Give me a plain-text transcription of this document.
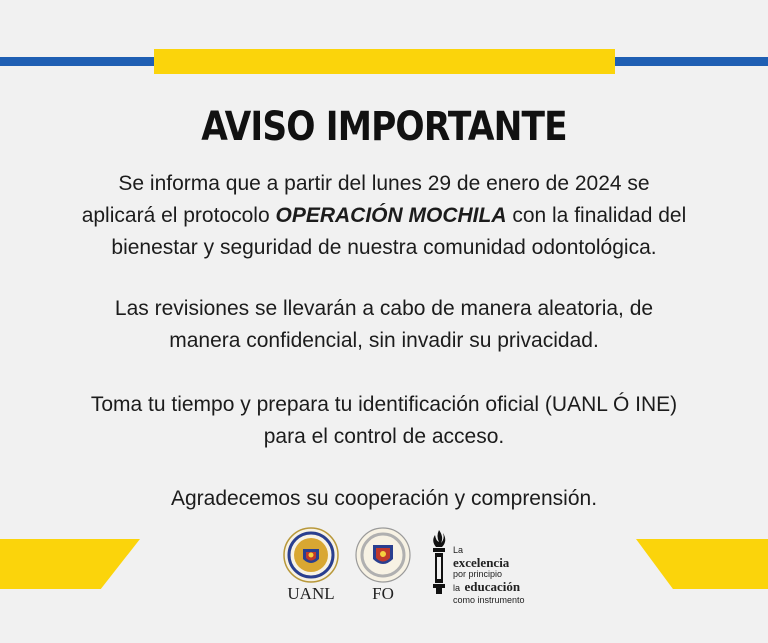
AVISO IMPORTANTE
Se informa que a partir del lunes 29 de enero de 2024 se
aplicará el protocolo OPERACIÓN MOCHILA con la finalidad del
bienestar y seguridad de nuestra comunidad odontológica.
Las revisiones se llevarán a cabo de manera aleatoria, de
manera confidencial, sin invadir su privacidad.
Toma tu tiempo y prepara tu identificación oficial (UANL Ó INE)
para el control de acceso.
Agradecemos su cooperación y comprensión.
UANL	FO
La
excelencia
por principio
la educación
como instrumento
